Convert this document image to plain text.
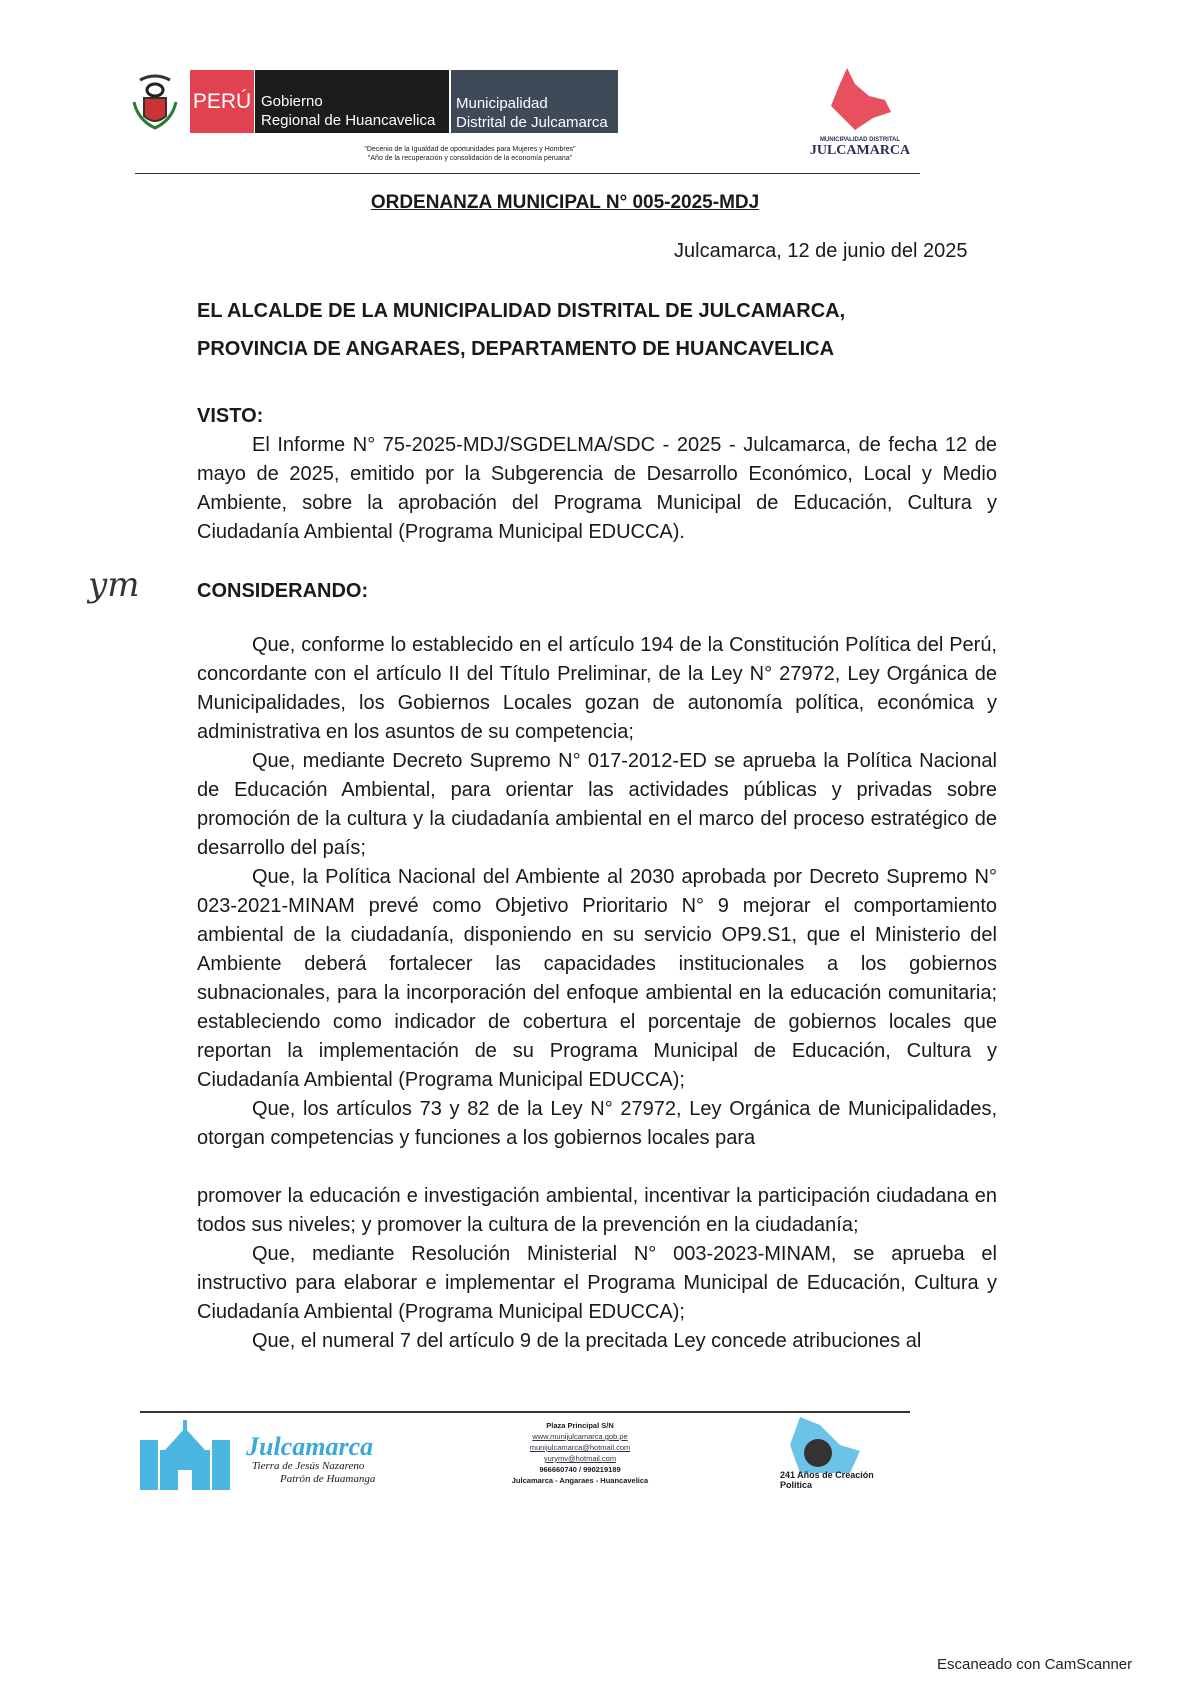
PERÚ Gobierno
Regional de Huancavelica
Municipalidad
Distrital de Julcamarca
"Decenio de la Igualdad de oportunidades para Mujeres y Hombres"
"Año de la recuperación y consolidación de la economía peruana"
MUNICIPALIDAD DISTRITAL
JULCAMARCA
ORDENANZA MUNICIPAL N° 005-2025-MDJ
Julcamarca, 12 de junio del 2025
EL ALCALDE DE LA MUNICIPALIDAD DISTRITAL DE JULCAMARCA,
PROVINCIA DE ANGARAES, DEPARTAMENTO DE HUANCAVELICA
ym
VISTO:

El Informe N° 75-2025-MDJ/SGDELMA/SDC - 2025 - Julcamarca, de fecha 12 de mayo de 2025, emitido por la Subgerencia de Desarrollo Económico, Local y Medio Ambiente, sobre la aprobación del Programa Municipal de Educación, Cultura y Ciudadanía Ambiental (Programa Municipal EDUCCA).

CONSIDERANDO:

Que, conforme lo establecido en el artículo 194 de la Constitución Política del Perú, concordante con el artículo II del Título Preliminar, de la Ley N° 27972, Ley Orgánica de Municipalidades, los Gobiernos Locales gozan de autonomía política, económica y administrativa en los asuntos de su competencia;

Que, mediante Decreto Supremo N° 017-2012-ED se aprueba la Política Nacional de Educación Ambiental, para orientar las actividades públicas y privadas sobre promoción de la cultura y la ciudadanía ambiental en el marco del proceso estratégico de desarrollo del país;

Que, la Política Nacional del Ambiente al 2030 aprobada por Decreto Supremo N° 023-2021-MINAM prevé como Objetivo Prioritario N° 9 mejorar el comportamiento ambiental de la ciudadanía, disponiendo en su servicio OP9.S1, que el Ministerio del Ambiente deberá fortalecer las capacidades institucionales a los gobiernos subnacionales, para la incorporación del enfoque ambiental en la educación comunitaria; estableciendo como indicador de cobertura el porcentaje de gobiernos locales que reportan la implementación de su Programa Municipal de Educación, Cultura y Ciudadanía Ambiental (Programa Municipal EDUCCA);

Que, los artículos 73 y 82 de la Ley N° 27972, Ley Orgánica de Municipalidades, otorgan competencias y funciones a los gobiernos locales para

promover la educación e investigación ambiental, incentivar la participación ciudadana en todos sus niveles; y promover la cultura de la prevención en la ciudadanía;

Que, mediante Resolución Ministerial N° 003-2023-MINAM, se aprueba el instructivo para elaborar e implementar el Programa Municipal de Educación, Cultura y Ciudadanía Ambiental (Programa Municipal EDUCCA);

Que, el numeral 7 del artículo 9 de la precitada Ley concede atribuciones al

Julcamarca
Tierra de Jesús Nazareno
Patrón de Huamanga
Plaza Principal S/N
www.munijulcamarca.gob.pe
munijulcamarca@hotmail.com
yurymv@hotmail.com
966660740 / 990219189
Julcamarca - Angaraes - Huancavelica
241 Años de Creación Política
Escaneado con CamScanner
